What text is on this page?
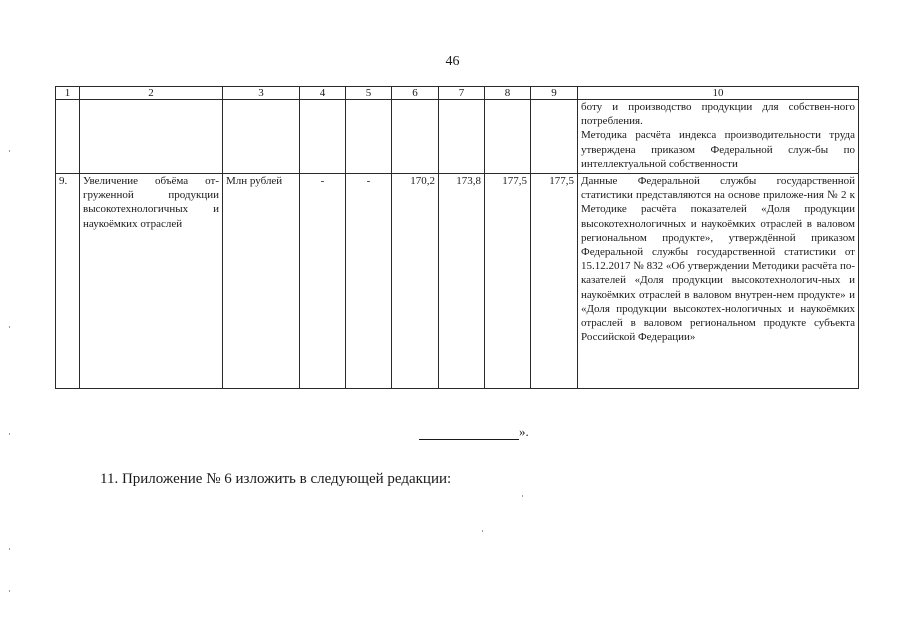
46
1	2	3	4	5	6	7	8	9	10

									боту и производство продукции для собствен-ного потребления.
Методика расчёта индекса производительности труда утверждена приказом Федеральной служ-бы по интеллектуальной собственности

9.	Увеличение объёма от-груженной продукции высокотехнологичных и наукоёмких отраслей	Млн рублей	-	-	170,2	173,8	177,5	177,5	Данные Федеральной службы государственной статистики представляются на основе приложе-ния № 2 к Методике расчёта показателей «Доля продукции высокотехнологичных и наукоёмких отраслей в валовом региональном продукте», утверждённой приказом Федеральной службы государственной статистики от 15.12.2017 № 832 «Об утверждении Методики расчёта по-казателей «Доля продукции высокотехнологич-ных и наукоёмких отраслей в валовом внутрен-нем продукте» и «Доля продукции высокотех-нологичных и наукоёмких отраслей в валовом региональном продукте субъекта Российской Федерации»
».
11. Приложение № 6 изложить в следующей редакции:
